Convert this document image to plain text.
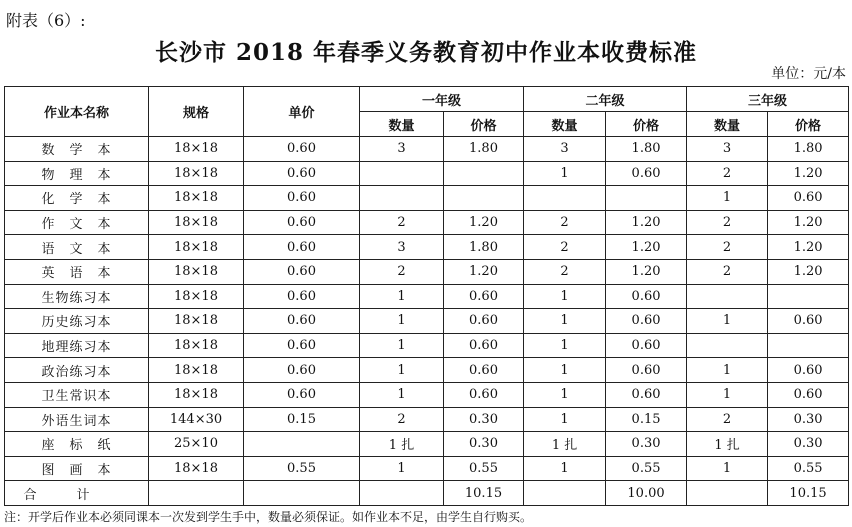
附表（6）:
长沙市 2018 年春季义务教育初中作业本收费标准
单位：元/本
作业本名称	规格	单价	一年级		二年级		三年级	
			数量	价格	数量	价格	数量	价格
数　学　本	18×18	0.60	3	1.80	3	1.80	3	1.80
物　理　本	18×18	0.60			1	0.60	2	1.20
化　学　本	18×18	0.60					1	0.60
作　文　本	18×18	0.60	2	1.20	2	1.20	2	1.20
语　文　本	18×18	0.60	3	1.80	2	1.20	2	1.20
英　语　本	18×18	0.60	2	1.20	2	1.20	2	1.20
生物练习本	18×18	0.60	1	0.60	1	0.60		
历史练习本	18×18	0.60	1	0.60	1	0.60	1	0.60
地理练习本	18×18	0.60	1	0.60	1	0.60		
政治练习本	18×18	0.60	1	0.60	1	0.60	1	0.60
卫生常识本	18×18	0.60	1	0.60	1	0.60	1	0.60
外语生词本	144×30	0.15	2	0.30	1	0.15	2	0.30
座　标　纸	25×10		1 扎	0.30	1 扎	0.30	1 扎	0.30
图　画　本	18×18	0.55	1	0.55	1	0.55	1	0.55
合计				10.15		10.00		10.15
注：开学后作业本必须同课本一次发到学生手中，数量必须保证。如作业本不足，由学生自行购买。
